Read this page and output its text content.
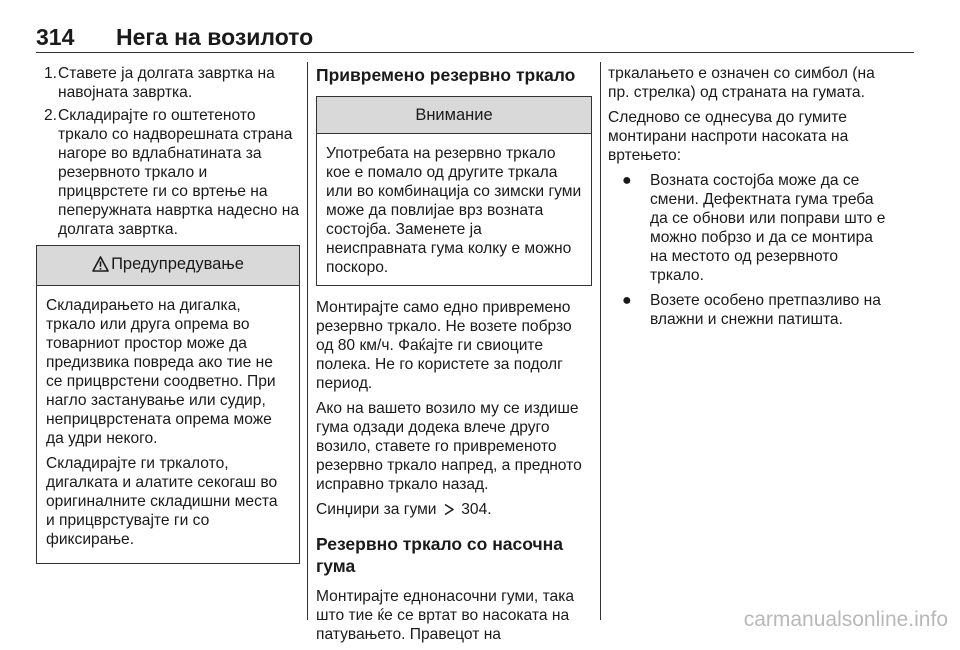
314 Нега на возилото
1. Ставете ја долгата завртка на навојната завртка.
2. Складирајте го оштетеното тркало со надворешната страна нагоре во вдлабнатината за резервното тркало и прицврстете ги со вртење на пеперужната навртка надесно на долгата завртка.
Предупредување

Складирањето на дигалка, тркало или друга опрема во товарниот простор може да предизвика повреда ако тие не се прицврстени соодветно. При нагло застанување или судир, неприцврстената опрема може да удри некого.

Складирајте ги тркалото, дигалката и алатите секогаш во оригиналните складишни места и прицврстувајте ги со фиксирање.

Привремено резервно тркало
Внимание

Употребата на резервно тркало кое е помало од другите тркала или во комбинација со зимски гуми може да повлијае врз возната состојба. Заменете ја неисправната гума колку е можно поскоро.

Монтирајте само едно привремено резервно тркало. Не возете побрзо од 80 км/ч. Фаќајте ги свиоците полека. Не го користете за подолг период.

Ако на вашето возило му се издише гума одзади додека влече друго возило, ставете го привременото резервно тркало напред, а предното исправно тркало назад.

Синџири за гуми 304.

Резервно тркало со насочна гума

Монтирајте еднонасочни гуми, така што тие ќе се вртат во насоката на патувањето. Правецот на

тркалањето е означен со симбол (на пр. стрелка) од страната на гумата.

Следново се однесува до гумите монтирани наспроти насоката на вртењето:

● Возната состојба може да се смени. Дефектната гума треба да се обнови или поправи што е можно побрзо и да се монтира на местото од резервното тркало.
● Возете особено претпазливо на влажни и снежни патишта.
carmanualsonline.info
